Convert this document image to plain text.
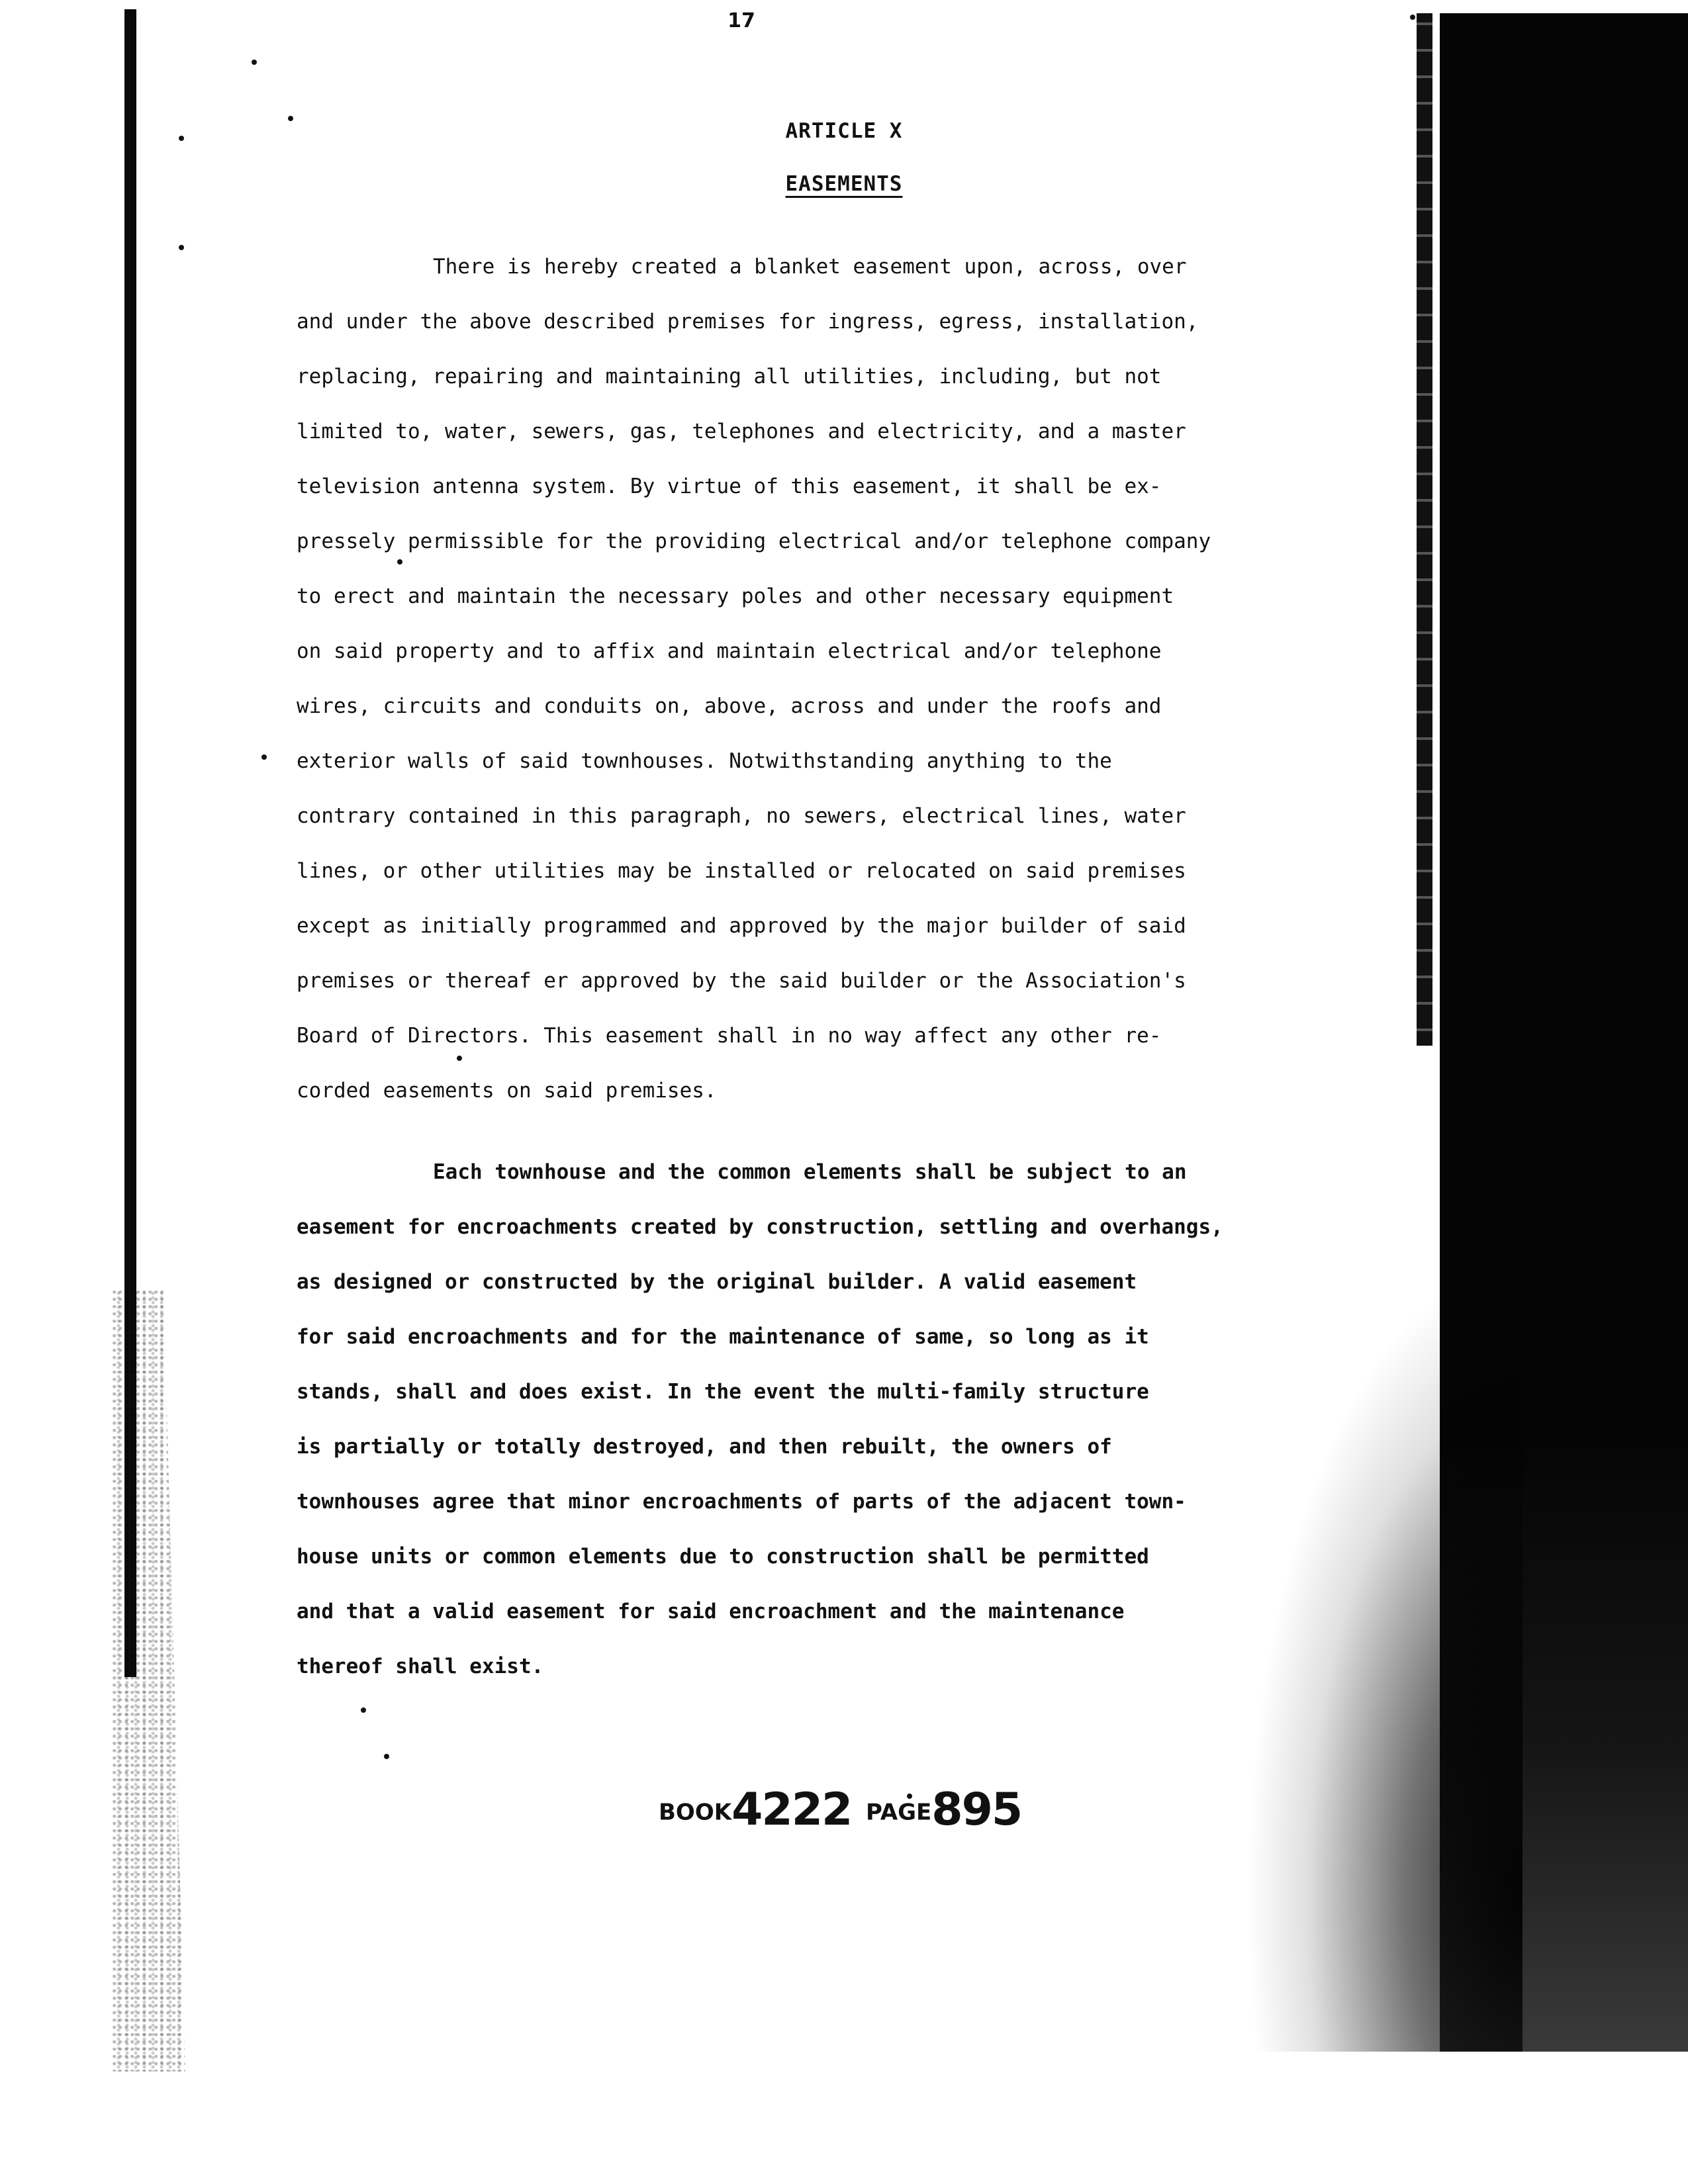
17
ARTICLE X
EASEMENTS
There is hereby created a blanket easement upon, across, over
and under the above described premises for ingress, egress, installation,
replacing, repairing and maintaining all utilities, including, but not
limited to, water, sewers, gas, telephones and electricity, and a master
television antenna system. By virtue of this easement, it shall be ex-
pressely permissible for the providing electrical and/or telephone company
to erect and maintain the necessary poles and other necessary equipment
on said property and to affix and maintain electrical and/or telephone
wires, circuits and conduits on, above, across and under the roofs and
exterior walls of said townhouses. Notwithstanding anything to the
contrary contained in this paragraph, no sewers, electrical lines, water
lines, or other utilities may be installed or relocated on said premises
except as initially programmed and approved by the major builder of said
premises or thereaf er approved by the said builder or the Association's
Board of Directors. This easement shall in no way affect any other re-
corded easements on said premises.
Each townhouse and the common elements shall be subject to an
easement for encroachments created by construction, settling and overhangs,
as designed or constructed by the original builder. A valid easement
for said encroachments and for the maintenance of same, so long as it
stands, shall and does exist. In the event the multi-family structure
is partially or totally destroyed, and then rebuilt, the owners of
townhouses agree that minor encroachments of parts of the adjacent town-
house units or common elements due to construction shall be permitted
and that a valid easement for said encroachment and the maintenance
thereof shall exist.
BOOK4222 PAGE895
